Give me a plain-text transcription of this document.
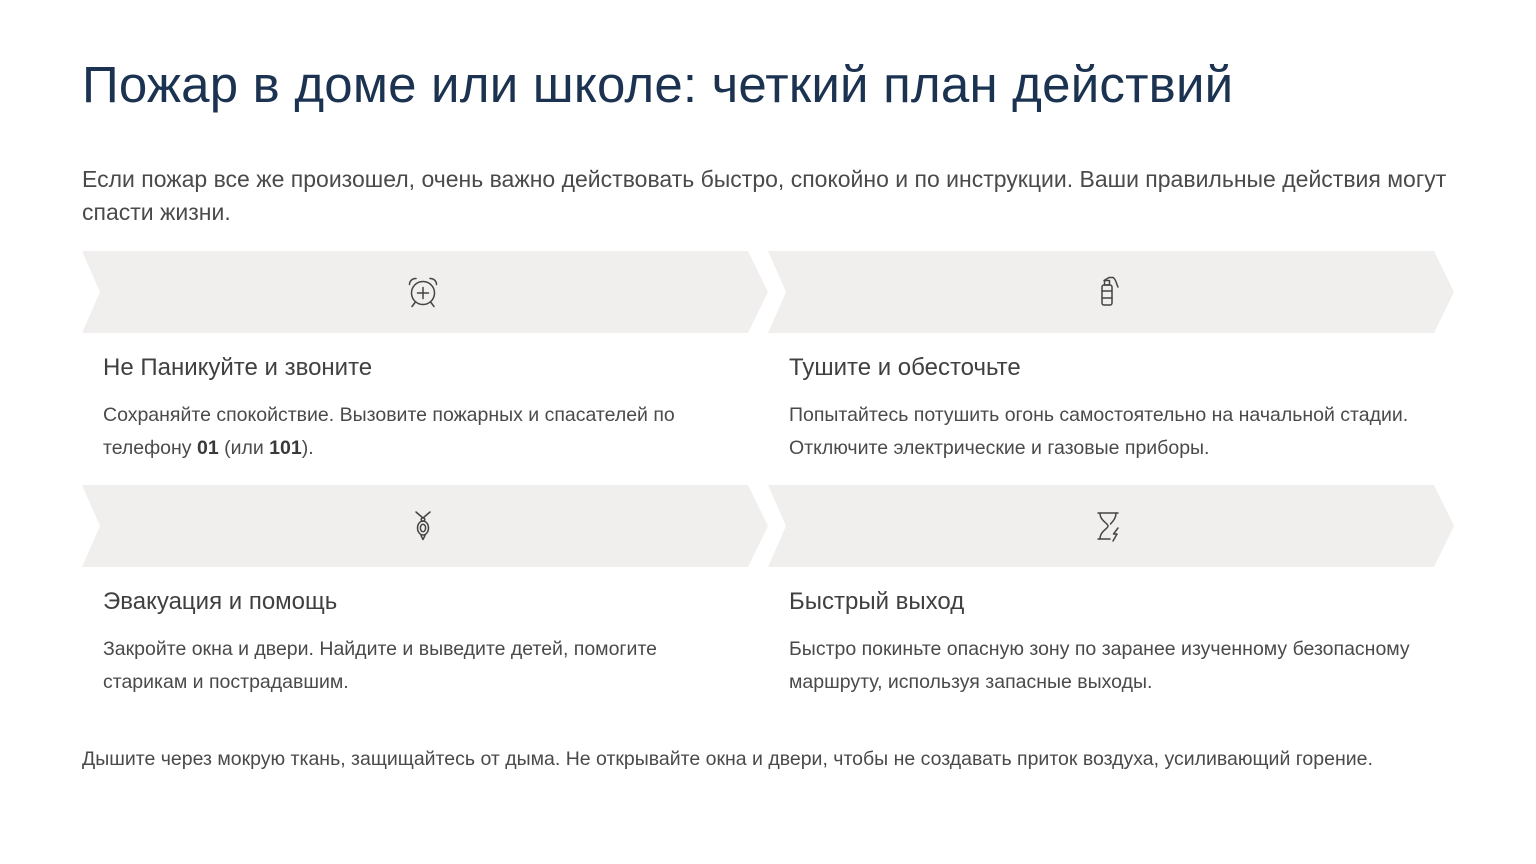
Пожар в доме или школе: четкий план действий

Если пожар все же произошел, очень важно действовать быстро, спокойно и по инструкции. Ваши правильные действия могут спасти жизни.

Не Паникуйте и звоните

Сохраняйте спокойствие. Вызовите пожарных и спасателей по телефону 01 (или 101).

Тушите и обесточьте

Попытайтесь потушить огонь самостоятельно на начальной стадии. Отключите электрические и газовые приборы.

Эвакуация и помощь

Закройте окна и двери. Найдите и выведите детей, помогите старикам и пострадавшим.

Быстрый выход

Быстро покиньте опасную зону по заранее изученному безопасному маршруту, используя запасные выходы.

Дышите через мокрую ткань, защищайтесь от дыма. Не открывайте окна и двери, чтобы не создавать приток воздуха, усиливающий горение.
